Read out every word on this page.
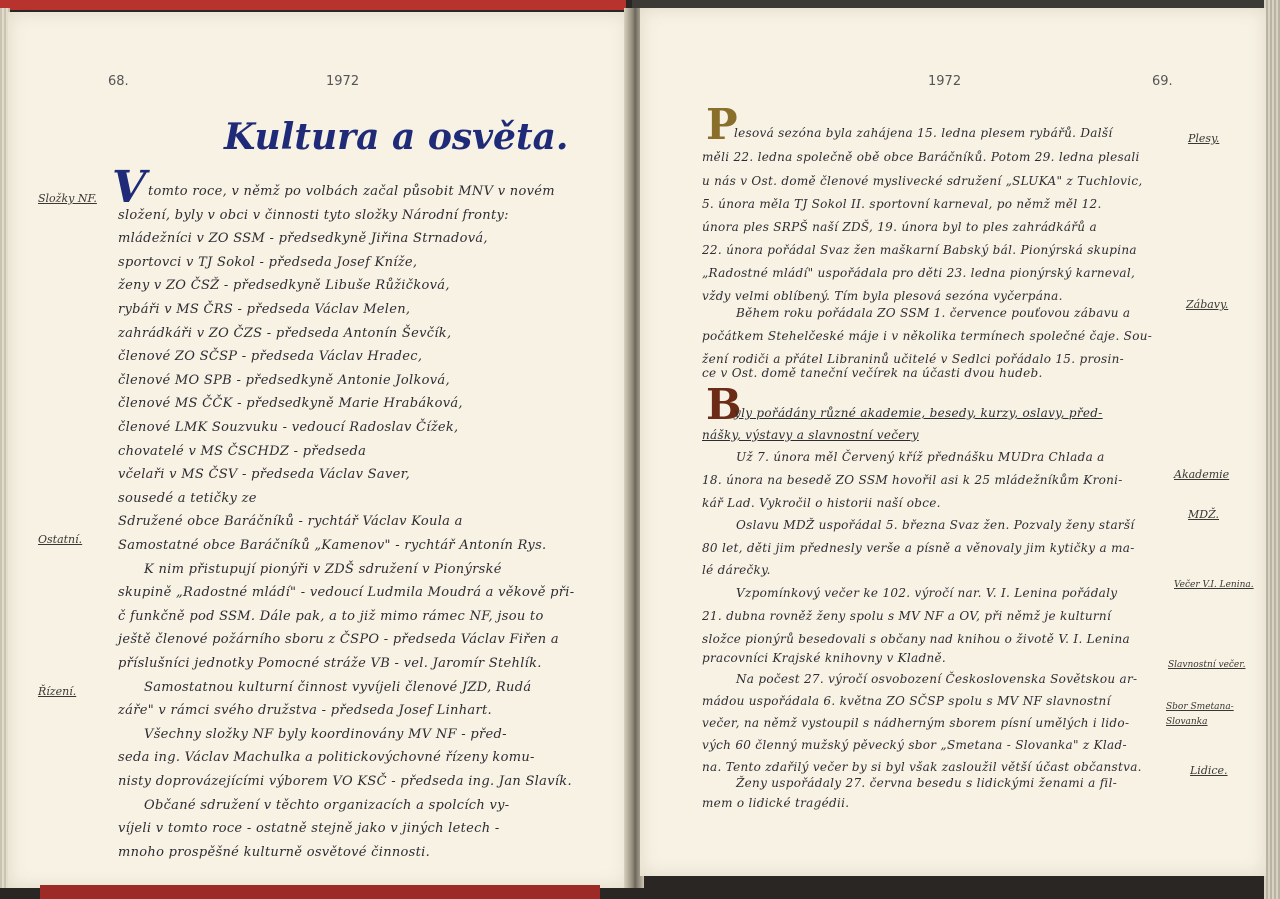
68.	1972
Kultura a osvěta.
V
Složky NF.
Ostatní.
Řízení.
tomto roce, v němž po volbách začal působit MNV v novém
složení, byly v obci v činnosti tyto složky Národní fronty:
mládežníci v ZO SSM - předsedkyně Jiřina Strnadová,
sportovci v TJ Sokol - předseda Josef Kníže,
ženy v ZO ČSŽ - předsedkyně Libuše Růžičková,
rybáři v MS ČRS - předseda Václav Melen,
zahrádkáři v ZO ČZS - předseda Antonín Ševčík,
členové ZO SČSP - předseda Václav Hradec,
členové MO SPB - předsedkyně Antonie Jolková,
členové MS ČČK - předsedkyně Marie Hrabáková,
členové LMK Souzvuku - vedoucí Radoslav Čížek,
chovatelé v MS ČSCHDZ - předseda
včelaři v MS ČSV - předseda Václav Saver,
sousedé a tetičky ze
Sdružené obce Baráčníků - rychtář Václav Koula a
Samostatné obce Baráčníků „Kamenov" - rychtář Antonín Rys.
K nim přistupují pionýři v ZDŠ sdružení v Pionýrské
skupině „Radostné mládí" - vedoucí Ludmila Moudrá a věkově při-
č funkčně pod SSM. Dále pak, a to již mimo rámec NF, jsou to
ještě členové požárního sboru z ČSPO - předseda Václav Fiřen a
příslušníci jednotky Pomocné stráže VB - vel. Jaromír Stehlík.
Samostatnou kulturní činnost vyvíjeli členové JZD, Rudá
záře" v rámci svého družstva - předseda Josef Linhart.
Všechny složky NF byly koordinovány MV NF - před-
seda ing. Václav Machulka a politickovýchovné řízeny komu-
nisty doprovázejícími výborem VO KSČ - předseda ing. Jan Slavík.
Občané sdružení v těchto organizacích a spolcích vy-
víjeli v tomto roce - ostatně stejně jako v jiných letech -
mnoho prospěšné kulturně osvětové činnosti.
1972	69.
P
B
Plesy.
Zábavy.
Akademie
MDŽ.
Večer V.I. Lenina.
Slavnostní večer.
Sbor Smetana-Slovanka
Lidice.
lesová sezóna byla zahájena 15. ledna plesem rybářů. Další
měli 22. ledna společně obě obce Baráčníků. Potom 29. ledna plesali
u nás v Ost. domě členové myslivecké sdružení „SLUKA" z Tuchlovic,
5. února měla TJ Sokol II. sportovní karneval, po němž měl 12.
února ples SRPŠ naší ZDŠ, 19. února byl to ples zahrádkářů a
22. února pořádal Svaz žen maškarní Babský bál. Pionýrská skupina
„Radostné mládí" uspořádala pro děti 23. ledna pionýrský karneval,
vždy velmi oblíbený. Tím byla plesová sezóna vyčerpána.
Během roku pořádala ZO SSM 1. července pouťovou zábavu a
počátkem Stehelčeské máje i v několika termínech společné čaje. Sou-
žení rodiči a přátel Libraninů učitelé v Sedlci pořádalo 15. prosin-
ce v Ost. domě taneční večírek na účasti dvou hudeb.
yly pořádány různé akademie, besedy, kurzy, oslavy, před-
nášky, výstavy a slavnostní večery
Už 7. února měl Červený kříž přednášku MUDra Chlada a
18. února na besedě ZO SSM hovořil asi k 25 mládežníkům Kroni-
kář Lad. Vykročil o historii naší obce.
Oslavu MDŽ uspořádal 5. března Svaz žen. Pozvaly ženy starší
80 let, děti jim přednesly verše a písně a věnovaly jim kytičky a ma-
lé dárečky.
Vzpomínkový večer ke 102. výročí nar. V. I. Lenina pořádaly
21. dubna rovněž ženy spolu s MV NF a OV, při němž je kulturní
složce pionýrů besedovali s občany nad knihou o životě V. I. Lenina
pracovníci Krajské knihovny v Kladně.
Na počest 27. výročí osvobození Československa Sovětskou ar-
mádou uspořádala 6. května ZO SČSP spolu s MV NF slavnostní
večer, na němž vystoupil s nádherným sborem písní umělých i lido-
vých 60 členný mužský pěvecký sbor „Smetana - Slovanka" z Klad-
na. Tento zdařilý večer by si byl však zasloužil větší účast občanstva.
Ženy uspořádaly 27. června besedu s lidickými ženami a fil-
mem o lidické tragédii.
